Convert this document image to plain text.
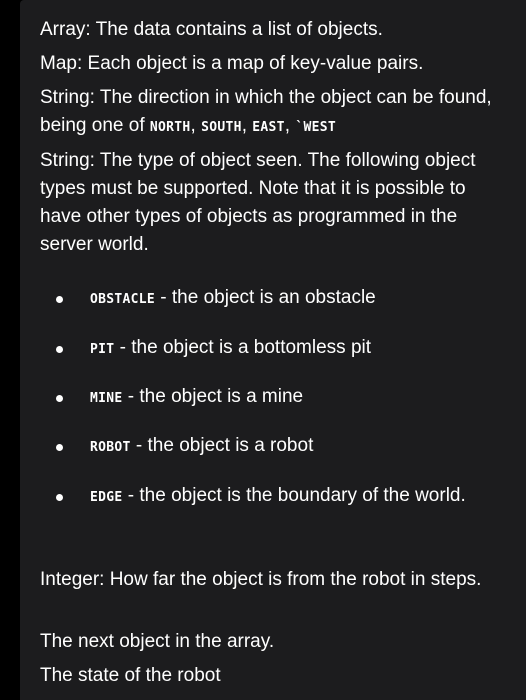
Array: The data contains a list of objects.

Map: Each object is a map of key-value pairs.

String: The direction in which the object can be found, being one of NORTH, SOUTH, EAST, `WEST

String: The type of object seen. The following object types must be supported. Note that it is possible to have other types of objects as programmed in the server world.

OBSTACLE - the object is an obstacle
PIT - the object is a bottomless pit
MINE - the object is a mine
ROBOT - the object is a robot
EDGE - the object is the boundary of the world.

Integer: How far the object is from the robot in steps.

The next object in the array.

The state of the robot
